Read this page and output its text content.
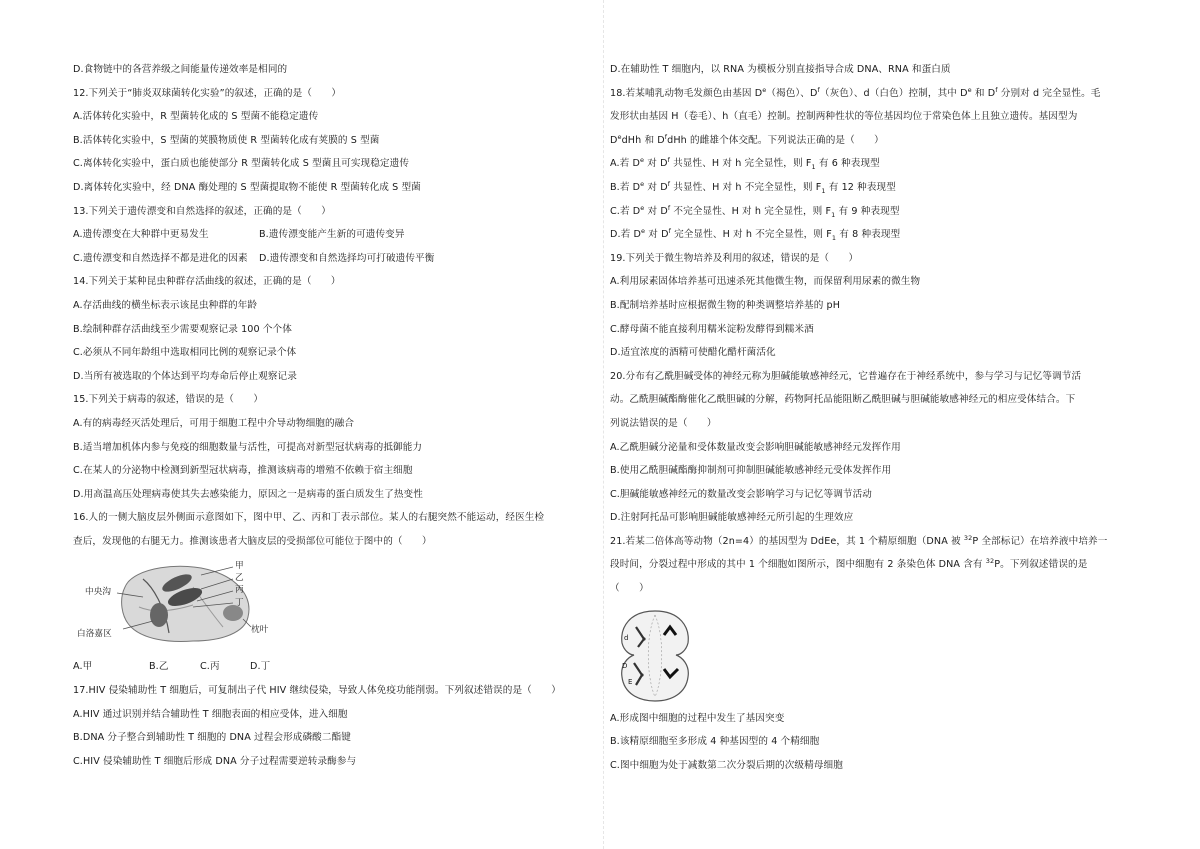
D.食物链中的各营养级之间能量传递效率是相同的
12.下列关于“肺炎双球菌转化实验”的叙述，正确的是（　　）
A.活体转化实验中，R 型菌转化成的 S 型菌不能稳定遗传
B.活体转化实验中，S 型菌的荚膜物质使 R 型菌转化成有荚膜的 S 型菌
C.离体转化实验中，蛋白质也能使部分 R 型菌转化成 S 型菌且可实现稳定遗传
D.离体转化实验中，经 DNA 酶处理的 S 型菌提取物不能使 R 型菌转化成 S 型菌
13.下列关于遗传漂变和自然选择的叙述，正确的是（　　）
A.遗传漂变在大种群中更易发生	B.遗传漂变能产生新的可遗传变异
C.遗传漂变和自然选择不都是进化的因素 D.遗传漂变和自然选择均可打破遗传平衡
14.下列关于某种昆虫种群存活曲线的叙述，正确的是（　　）
A.存活曲线的横坐标表示该昆虫种群的年龄
B.绘制种群存活曲线至少需要观察记录 100 个个体
C.必须从不同年龄组中选取相同比例的观察记录个体
D.当所有被选取的个体达到平均寿命后停止观察记录
15.下列关于病毒的叙述，错误的是（　　）
A.有的病毒经灭活处理后，可用于细胞工程中介导动物细胞的融合
B.适当增加机体内参与免疫的细胞数量与活性，可提高对新型冠状病毒的抵御能力
C.在某人的分泌物中检测到新型冠状病毒，推测该病毒的增殖不依赖于宿主细胞
D.用高温高压处理病毒使其失去感染能力，原因之一是病毒的蛋白质发生了热变性
16.人的一侧大脑皮层外侧面示意图如下，图中甲、乙、丙和丁表示部位。某人的右腿突然不能运动，经医生检
查后，发现他的右腿无力。推测该患者大脑皮层的受损部位可能位于图中的（　　）
甲
乙
丙
丁
中央沟
白洛嘉区	枕叶
A.甲	B.乙	C.丙	D.丁
17.HIV 侵染辅助性 T 细胞后，可复制出子代 HIV 继续侵染，导致人体免疫功能削弱。下列叙述错误的是（　　）
A.HIV 通过识别并结合辅助性 T 细胞表面的相应受体，进入细胞
B.DNA 分子整合到辅助性 T 细胞的 DNA 过程会形成磷酸二酯键
C.HIV 侵染辅助性 T 细胞后形成 DNA 分子过程需要逆转录酶参与
D.在辅助性 T 细胞内，以 RNA 为模板分别直接指导合成 DNA、RNA 和蛋白质
18.若某哺乳动物毛发颜色由基因 De（褐色）、$D^f$（灰色）、d（白色）控制，其中 De 和 $D^f$ 分别对 d 完全显性。毛
发形状由基因 H（卷毛）、h（直毛）控制。控制两种性状的等位基因均位于常染色体上且独立遗传。基因型为
DedHh 和 $D^fdHh$ 的雌雄个体交配。下列说法正确的是（　　）
A.若 De 对 $D^f$ 共显性、H 对 h 完全显性，则 $F_1$ 有 6 种表现型
B.若 De 对 $D^f$ 共显性、H 对 h 不完全显性，则 $F_1$ 有 12 种表现型
C.若 De 对 $D^f$ 不完全显性、H 对 h 完全显性，则 $F_1$ 有 9 种表现型
D.若 De 对 $D^f$ 完全显性、H 对 h 不完全显性，则 $F_1$ 有 8 种表现型
19.下列关于微生物培养及利用的叙述，错误的是（　　）
A.利用尿素固体培养基可迅速杀死其他微生物，而保留利用尿素的微生物
B.配制培养基时应根据微生物的种类调整培养基的 pH
C.酵母菌不能直接利用糯米淀粉发酵得到糯米酒
D.适宜浓度的酒精可使醋化醋杆菌活化
20.分布有乙酰胆碱受体的神经元称为胆碱能敏感神经元，它普遍存在于神经系统中，参与学习与记忆等调节活
动。乙酰胆碱酯酶催化乙酰胆碱的分解，药物阿托品能阻断乙酰胆碱与胆碱能敏感神经元的相应受体结合。下
列说法错误的是（　　）
A.乙酰胆碱分泌量和受体数量改变会影响胆碱能敏感神经元发挥作用
B.使用乙酰胆碱酯酶抑制剂可抑制胆碱能敏感神经元受体发挥作用
C.胆碱能敏感神经元的数量改变会影响学习与记忆等调节活动
D.注射阿托品可影响胆碱能敏感神经元所引起的生理效应
21.若某二倍体高等动物（2n=4）的基因型为 DdEe，其 1 个精原细胞（DNA 被 $^{32}$P 全部标记）在培养液中培养一
段时间，分裂过程中形成的其中 1 个细胞如图所示，图中细胞有 2 条染色体 DNA 含有 $^{32}$P。下列叙述错误的是
（　　）
d
D
E
A.形成图中细胞的过程中发生了基因突变
B.该精原细胞至多形成 4 种基因型的 4 个精细胞
C.图中细胞为处于减数第二次分裂后期的次级精母细胞
